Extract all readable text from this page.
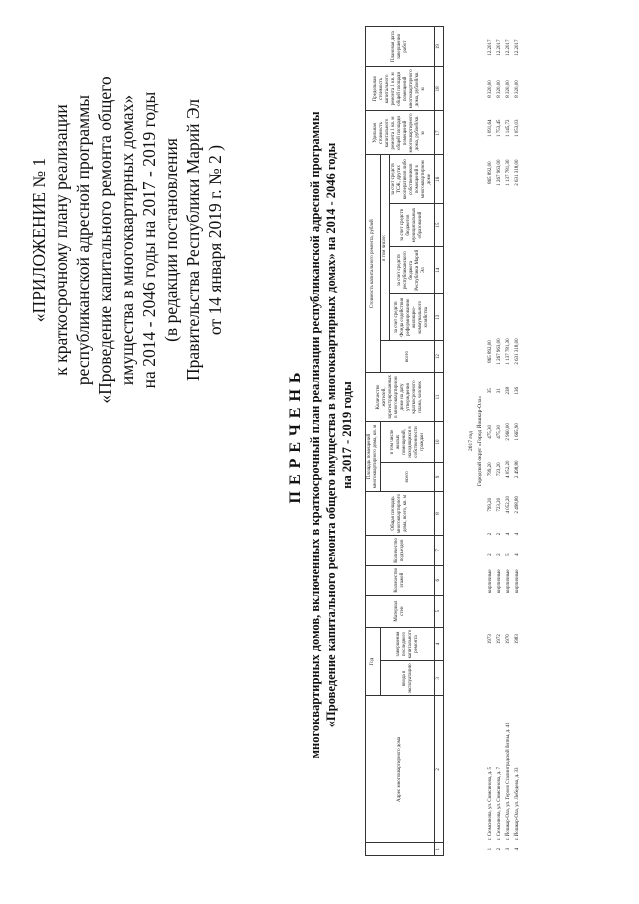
«ПРИЛОЖЕНИЕ № 1 к краткосрочному плану реализации республиканской адресной программы «Проведение капитального ремонта общего имущества в многоквартирных домах» на 2014 - 2046 годы на 2017 - 2019 годы (в редакции постановления Правительства Республики Марий Эл от 14 января 2019 г. № 2 )
ПЕРЕЧЕНЬ многоквартирных домов, включенных в краткосрочный план реализации республиканской адресной программы «Проведение капитального ремонта общего имущества в многоквартирных домах» на 2014 - 2046 годы на 2017 - 2019 годы
	Адрес многоквартирного дома	Год		Материал стен	Количество этажей	Количество подъездов	Общая площадь многоквартирного дома, всего, кв. м	Площадь помещений многоквартирного дома, кв. м		Количество жителей, зарегистрированных в многоквартирном доме на дату утверждения краткосрочного плана, человек	Стоимость капитального ремонта, рублей					Удельная стоимость капитального ремонта 1 кв. м общей площади помещений многоквартирного дома, рублей/кв. м	Предельная стоимость капитального ремонта 1 кв. м общей площади помещений многоквартирного дома, рублей/кв. м	Плановая дата завершения работ
		ввода в эксплуатацию	завершения последнего капитального ремонта					всего	в том числе жилых помещений, находящихся в собственности граждан		всего	в том числе:						
												за счет средств Фонда содействия реформированию жилищно-коммунального хозяйства	за счет средств республиканского бюджета Республики Марий Эл	за счет средств бюджетов муниципальных образований	за счет средств ТСЖ, других кооперативов либо собственников помещений в многоквартирном доме			
1	2	3	4	5	6	7	8	9	10	11	12	13	14	15	16	17	18	19
2017 год Городской округ «Город Йошкар-Ола»
1	г. Сюмсинова, ул. Сюмсинова, д. 5	1973		кирпичные	2	2	799,20	799,20	475,30	35	865 892,00				865 892,00	1 091,64	8 320,00	12.2017
2	г. Сюмсинова, ул. Сюмсинова, д. 7	1972		кирпичные	2	2	723,20	723,20	475,30	31	1 267 963,00				1 267 963,00	1 753,45	8 320,00	12.2017
3	г. Йошкар-Ола, ул. Героев Сталинградской битвы, д. 41	1970		кирпичные	5	4	4 052,20	4 052,20	2 960,00	238	1 137 781,30				1 137 781,30	1 145,72	8 320,00	12.2017
4	г. Йошкар-Ола, ул. Лебедева, д. 33	1983		кирпичные	4	4	2 498,80	2 498,80	1 665,90	136	2 631 318,00				2 631 318,00	1 053,03	8 320,00	12.2017
